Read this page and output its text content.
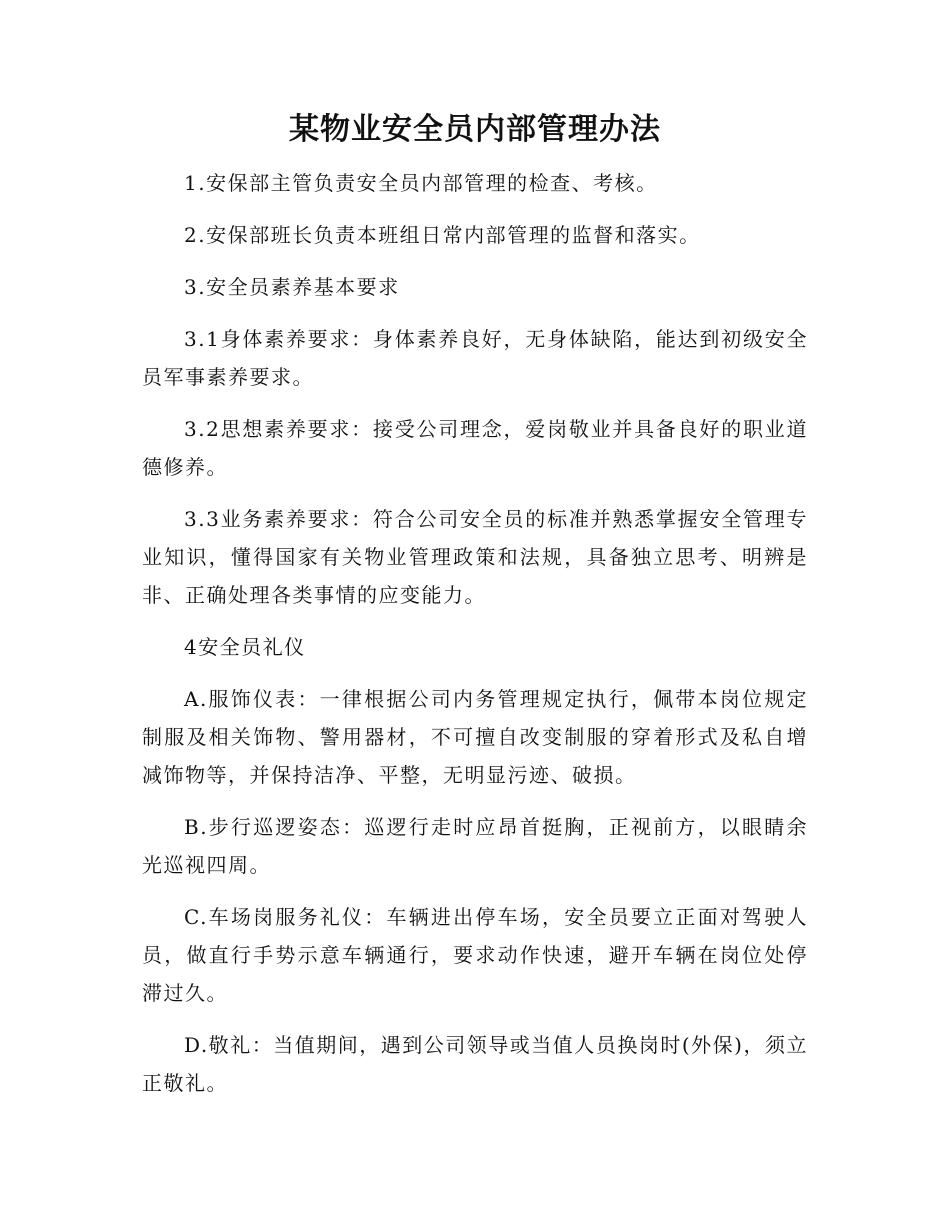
某物业安全员内部管理办法

1.安保部主管负责安全员内部管理的检查、考核。

2.安保部班长负责本班组日常内部管理的监督和落实。

3.安全员素养基本要求

3.1身体素养要求：身体素养良好，无身体缺陷，能达到初级安全员军事素养要求。

3.2思想素养要求：接受公司理念，爱岗敬业并具备良好的职业道德修养。

3.3业务素养要求：符合公司安全员的标准并熟悉掌握安全管理专业知识，懂得国家有关物业管理政策和法规，具备独立思考、明辨是非、正确处理各类事情的应变能力。

4安全员礼仪

A.服饰仪表：一律根据公司内务管理规定执行，佩带本岗位规定制服及相关饰物、警用器材，不可擅自改变制服的穿着形式及私自增减饰物等，并保持洁净、平整，无明显污迹、破损。

B.步行巡逻姿态：巡逻行走时应昂首挺胸，正视前方，以眼睛余光巡视四周。

C.车场岗服务礼仪：车辆进出停车场，安全员要立正面对驾驶人员，做直行手势示意车辆通行，要求动作快速，避开车辆在岗位处停滞过久。

D.敬礼：当值期间，遇到公司领导或当值人员换岗时(外保)，须立正敬礼。
